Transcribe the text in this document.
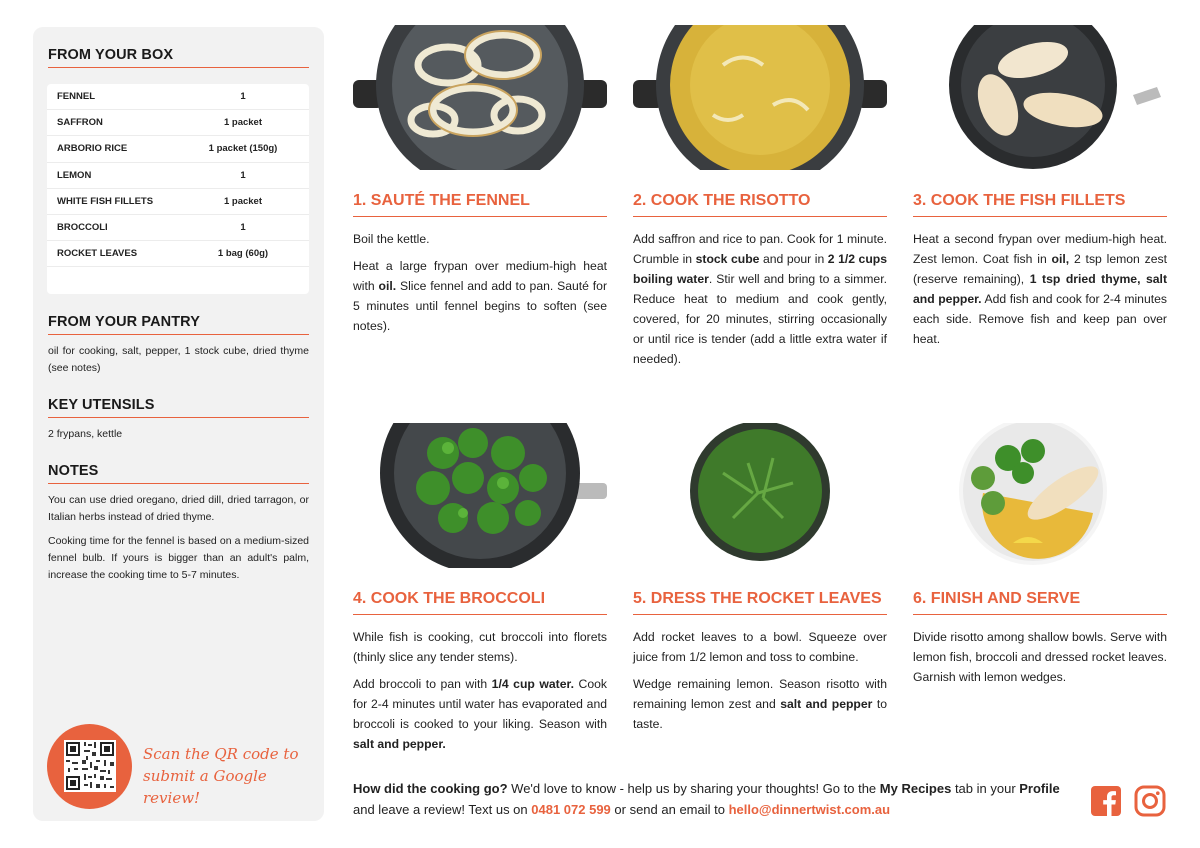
FROM YOUR BOX
FENNEL	1
SAFFRON	1 packet
ARBORIO RICE	1 packet (150g)
LEMON	1
WHITE FISH FILLETS	1 packet
BROCCOLI	1
ROCKET LEAVES	1 bag (60g)
FROM YOUR PANTRY
oil for cooking, salt, pepper, 1 stock cube, dried thyme (see notes)
KEY UTENSILS
2 frypans, kettle
NOTES
You can use dried oregano, dried dill, dried tarragon, or Italian herbs instead of dried thyme.
Cooking time for the fennel is based on a medium-sized fennel bulb. If yours is bigger than an adult's palm, increase the cooking time to 5-7 minutes.
Scan the QR code to
submit a Google review!
1. SAUTÉ THE FENNEL

Boil the kettle.

Heat a large frypan over medium-high heat with oil. Slice fennel and add to pan. Sauté for 5 minutes until fennel begins to soften (see notes).

2. COOK THE RISOTTO

Add saffron and rice to pan. Cook for 1 minute. Crumble in stock cube and pour in 2 1/2 cups boiling water. Stir well and bring to a simmer. Reduce heat to medium and cook gently, covered, for 20 minutes, stirring occasionally or until rice is tender (add a little extra water if needed).

3. COOK THE FISH FILLETS

Heat a second frypan over medium-high heat. Zest lemon. Coat fish in oil, 2 tsp lemon zest (reserve remaining), 1 tsp dried thyme, salt and pepper. Add fish and cook for 2-4 minutes each side. Remove fish and keep pan over heat.

4. COOK THE BROCCOLI

While fish is cooking, cut broccoli into florets (thinly slice any tender stems).

Add broccoli to pan with 1/4 cup water. Cook for 2-4 minutes until water has evaporated and broccoli is cooked to your liking. Season with salt and pepper.

5. DRESS THE ROCKET LEAVES

Add rocket leaves to a bowl. Squeeze over juice from 1/2 lemon and toss to combine.

Wedge remaining lemon. Season risotto with remaining lemon zest and salt and pepper to taste.

6. FINISH AND SERVE

Divide risotto among shallow bowls. Serve with lemon fish, broccoli and dressed rocket leaves. Garnish with lemon wedges.

How did the cooking go? We'd love to know - help us by sharing your thoughts! Go to the My Recipes tab in your Profile and leave a review! Text us on 0481 072 599 or send an email to hello@dinnertwist.com.au
